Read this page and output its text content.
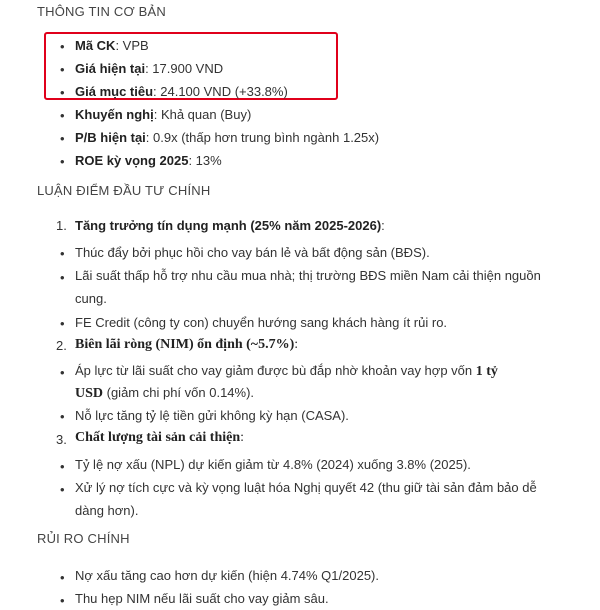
THÔNG TIN CƠ BẢN
• Mã CK: VPB
• Giá hiện tại: 17.900 VND
• Giá mục tiêu: 24.100 VND (+33.8%)
• Khuyến nghị: Khả quan (Buy)
• P/B hiện tại: 0.9x (thấp hơn trung bình ngành 1.25x)
• ROE kỳ vọng 2025: 13%
LUẬN ĐIỂM ĐẦU TƯ CHÍNH
1. Tăng trưởng tín dụng mạnh (25% năm 2025-2026):
• Thúc đẩy bởi phục hồi cho vay bán lẻ và bất động sản (BĐS).
• Lãi suất thấp hỗ trợ nhu cầu mua nhà; thị trường BĐS miền Nam cải thiện nguồn
cung.
• FE Credit (công ty con) chuyển hướng sang khách hàng ít rủi ro.
2. Biên lãi ròng (NIM) ổn định (~5.7%):
• Áp lực từ lãi suất cho vay giảm được bù đắp nhờ khoản vay hợp vốn 1 tỷ
USD (giảm chi phí vốn 0.14%).
• Nỗ lực tăng tỷ lệ tiền gửi không kỳ hạn (CASA).
3. Chất lượng tài sản cải thiện:
• Tỷ lệ nợ xấu (NPL) dự kiến giảm từ 4.8% (2024) xuống 3.8% (2025).
• Xử lý nợ tích cực và kỳ vọng luật hóa Nghị quyết 42 (thu giữ tài sản đảm bảo dễ
dàng hơn).
RỦI RO CHÍNH
• Nợ xấu tăng cao hơn dự kiến (hiện 4.74% Q1/2025).
• Thu hẹp NIM nếu lãi suất cho vay giảm sâu.
